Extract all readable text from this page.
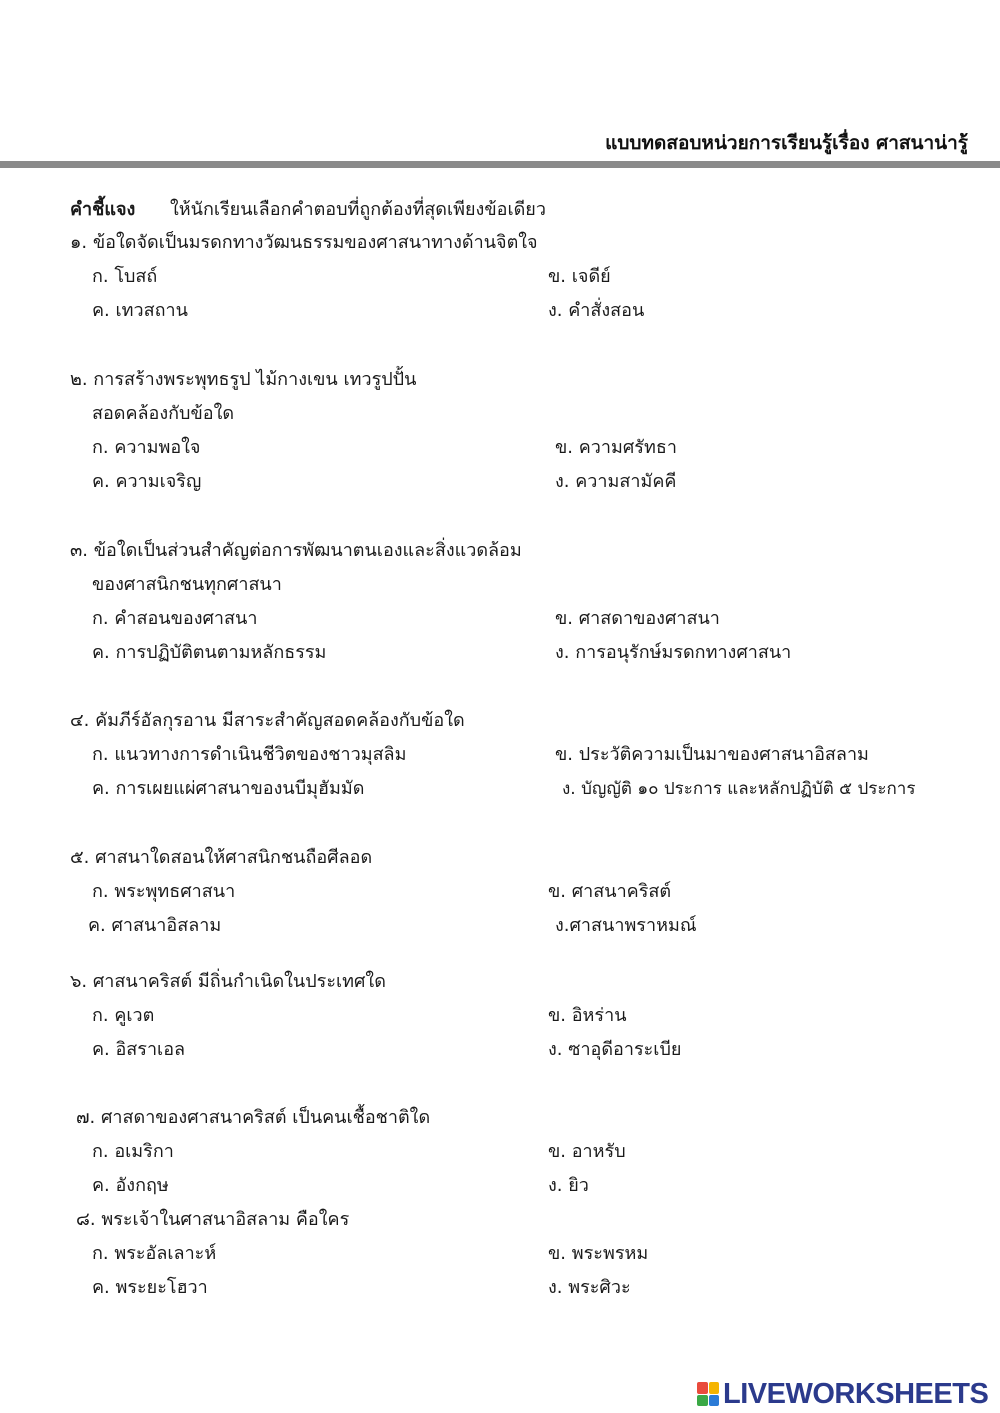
แบบทดสอบหน่วยการเรียนรู้เรื่อง ศาสนาน่ารู้
คำชี้แจง ให้นักเรียนเลือกคำตอบที่ถูกต้องที่สุดเพียงข้อเดียว
๑. ข้อใดจัดเป็นมรดกทางวัฒนธรรมของศาสนาทางด้านจิตใจ
ก. โบสถ์	ข. เจดีย์
ค. เทวสถาน	ง. คำสั่งสอน
๒. การสร้างพระพุทธรูป ไม้กางเขน เทวรูปปั้น
สอดคล้องกับข้อใด
ก. ความพอใจ	ข. ความศรัทธา
ค. ความเจริญ	ง. ความสามัคคี
๓. ข้อใดเป็นส่วนสำคัญต่อการพัฒนาตนเองและสิ่งแวดล้อม
ของศาสนิกชนทุกศาสนา
ก. คำสอนของศาสนา	ข. ศาสดาของศาสนา
ค. การปฏิบัติตนตามหลักธรรม	ง. การอนุรักษ์มรดกทางศาสนา
๔. คัมภีร์อัลกุรอาน มีสาระสำคัญสอดคล้องกับข้อใด
ก. แนวทางการดำเนินชีวิตของชาวมุสลิม	ข. ประวัติความเป็นมาของศาสนาอิสลาม
ค. การเผยแผ่ศาสนาของนบีมุฮัมมัด	ง. บัญญัติ ๑๐ ประการ และหลักปฏิบัติ ๕ ประการ
๕. ศาสนาใดสอนให้ศาสนิกชนถือศีลอด
ก. พระพุทธศาสนา	ข. ศาสนาคริสต์
ค. ศาสนาอิสลาม	ง.ศาสนาพราหมณ์
๖. ศาสนาคริสต์ มีถิ่นกำเนิดในประเทศใด
ก. คูเวต	ข. อิหร่าน
ค. อิสราเอล	ง. ซาอุดีอาระเบีย
๗. ศาสดาของศาสนาคริสต์ เป็นคนเชื้อชาติใด
ก. อเมริกา	ข. อาหรับ
ค. อังกฤษ	ง. ยิว
๘. พระเจ้าในศาสนาอิสลาม คือใคร
ก. พระอัลเลาะห์	ข. พระพรหม
ค. พระยะโฮวา	ง. พระศิวะ
LIVEWORKSHEETS
